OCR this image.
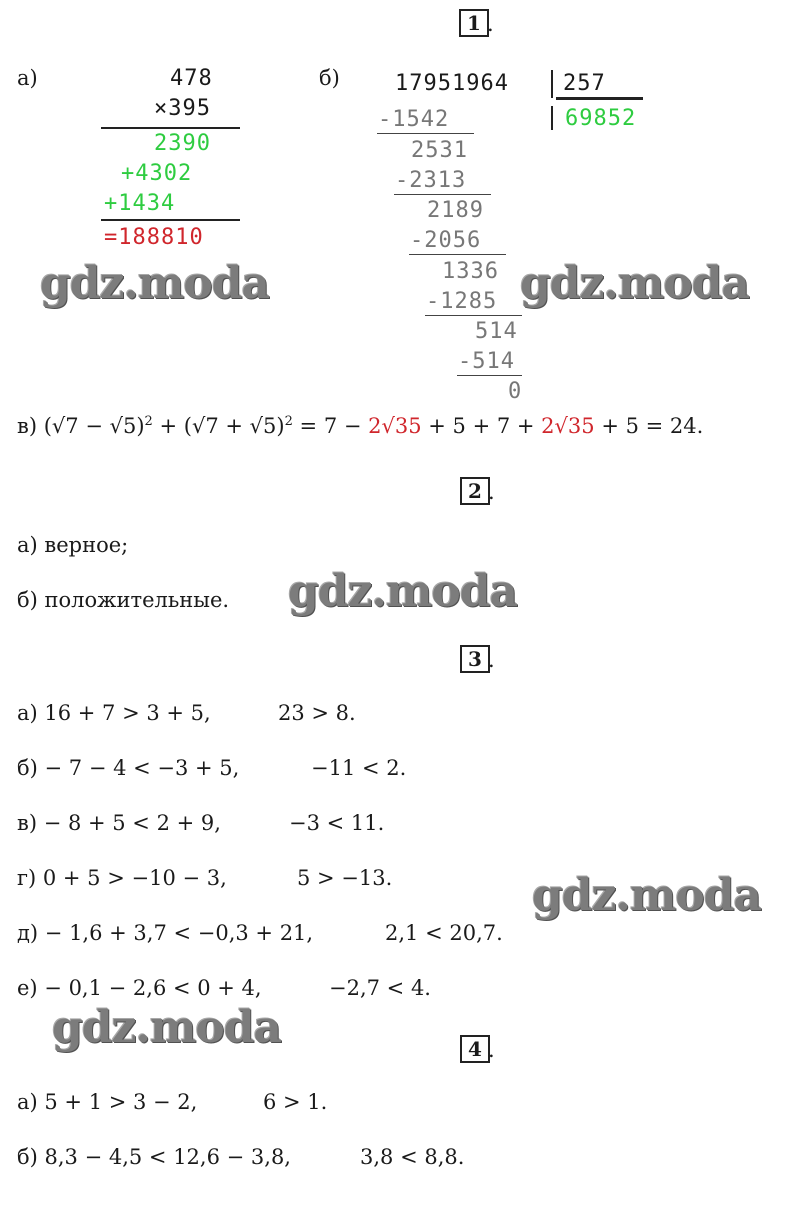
1 .
а)	478
×395
2390
+4302
+1434
=188810
б)	17951964 257
69852
-1542
2531
-2313
2189
-2056
1336
-1285
514
-514
0
gdz.moda	gdz.moda
в) $(√7 - √5)^2 + (√7 + √5)^2 = 7 - 2√35 + 5 + 7 + 2√35 + 5 = 24$.
2 .
а) верное;
б) положительные. gdz.moda
3 .
а) 16 + 7 > 3 + 5,	23 > 8.
б) − 7 − 4 < −3 + 5,	−11 < 2.
в) − 8 + 5 < 2 + 9,	−3 < 11.
г) 0 + 5 > −10 − 3,	5 > −13.
д) − 1,6 + 3,7 < −0,3 + 21,	2,1 < 20,7.
е) − 0,1 − 2,6 < 0 + 4,	−2,7 < 4.
gdz.moda
gdz.moda	4 .
а) 5 + 1 > 3 − 2,	6 > 1.
б) 8,3 − 4,5 < 12,6 − 3,8,	3,8 < 8,8.
